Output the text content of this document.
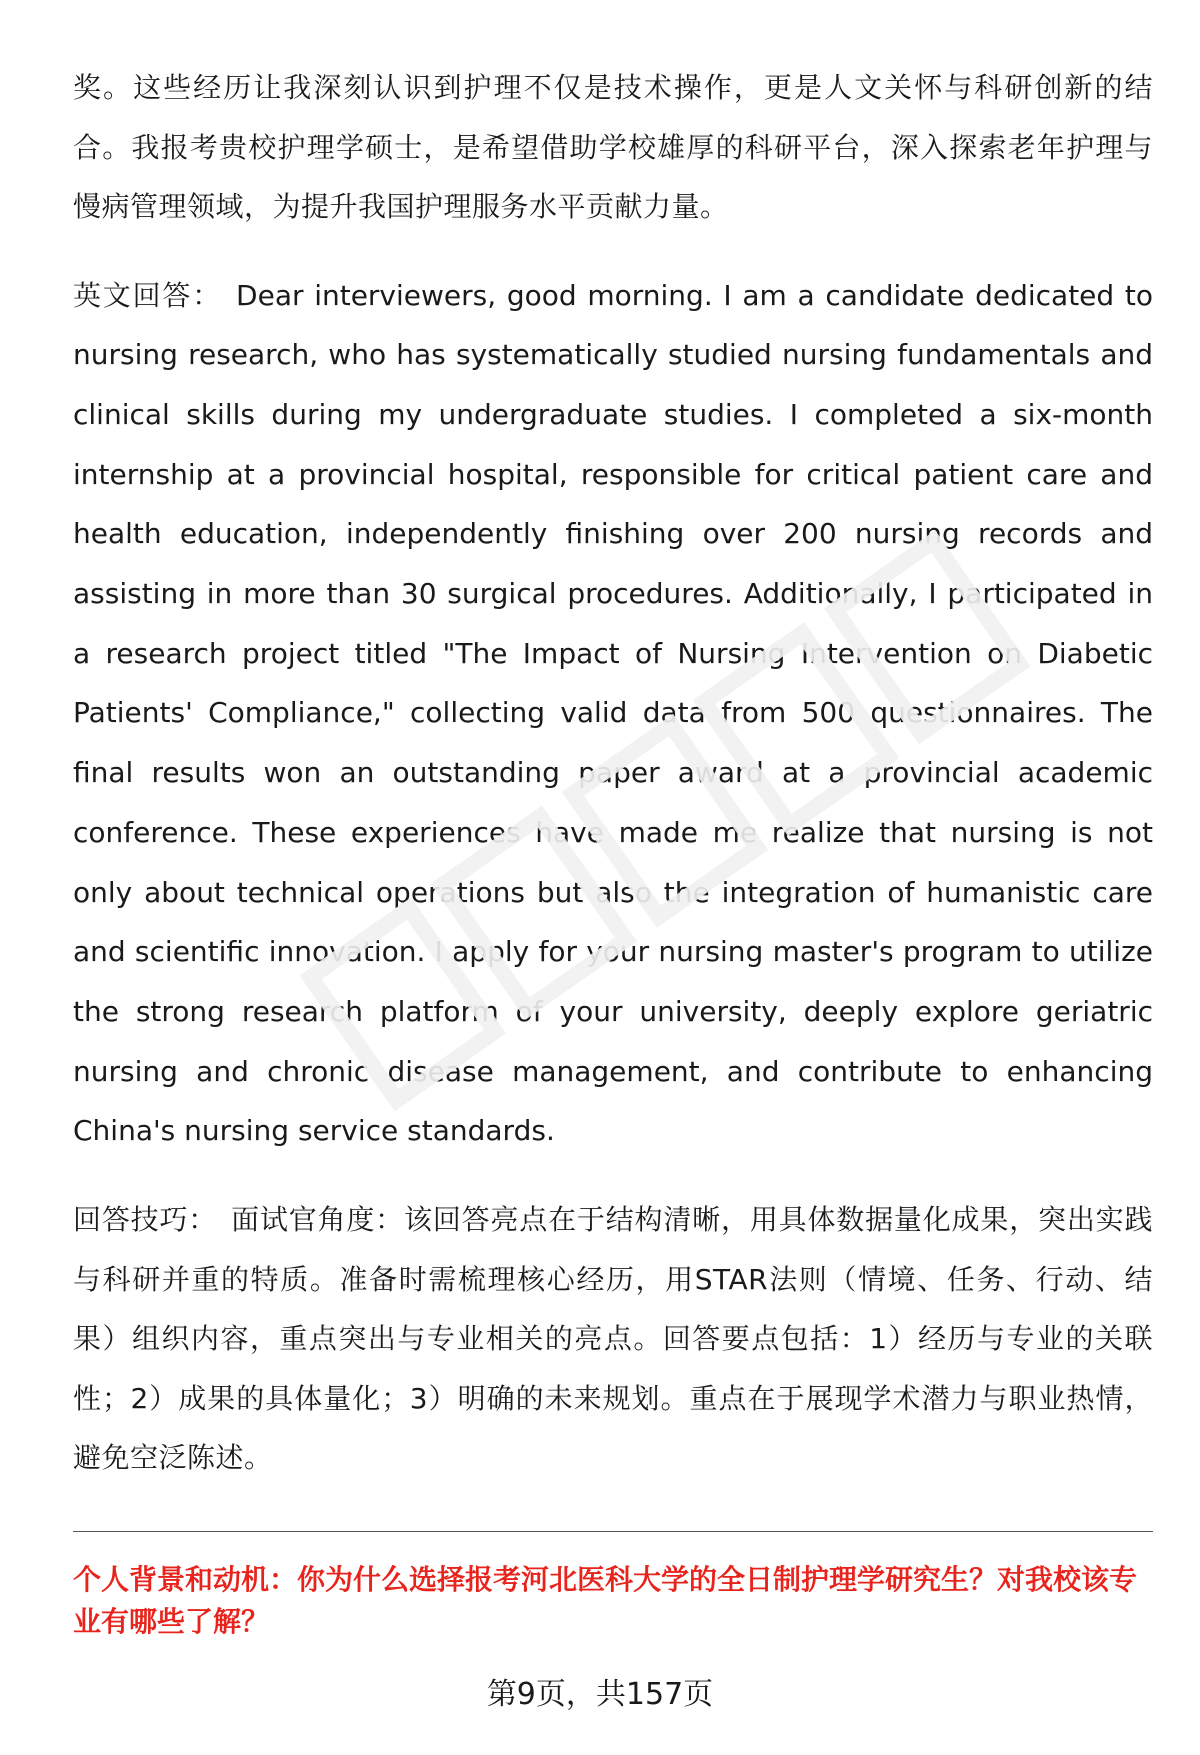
奖。这些经历让我深刻认识到护理不仅是技术操作，更是人文关怀与科研创新的结合。我报考贵校护理学硕士，是希望借助学校雄厚的科研平台，深入探索老年护理与慢病管理领域，为提升我国护理服务水平贡献力量。

英文回答： Dear interviewers, good morning. I am a candidate dedicated to nursing research, who has systematically studied nursing fundamentals and clinical skills during my undergraduate studies. I completed a six-month internship at a provincial hospital, responsible for critical patient care and health education, independently finishing over 200 nursing records and assisting in more than 30 surgical procedures. Additionally, I participated in a research project titled "The Impact of Nursing Intervention on Diabetic Patients' Compliance," collecting valid data from 500 questionnaires. The final results won an outstanding paper award at a provincial academic conference. These experiences have made me realize that nursing is not only about technical operations but also the integration of humanistic care and scientific innovation. I apply for your nursing master's program to utilize the strong research platform of your university, deeply explore geriatric nursing and chronic disease management, and contribute to enhancing China's nursing service standards.

回答技巧： 面试官角度：该回答亮点在于结构清晰，用具体数据量化成果，突出实践与科研并重的特质。准备时需梳理核心经历，用STAR法则（情境、任务、行动、结果）组织内容，重点突出与专业相关的亮点。回答要点包括：1）经历与专业的关联性；2）成果的具体量化；3）明确的未来规划。重点在于展现学术潜力与职业热情，避免空泛陈述。

个人背景和动机：你为什么选择报考河北医科大学的全日制护理学研究生？对我校该专业有哪些了解？

第9页，共157页
